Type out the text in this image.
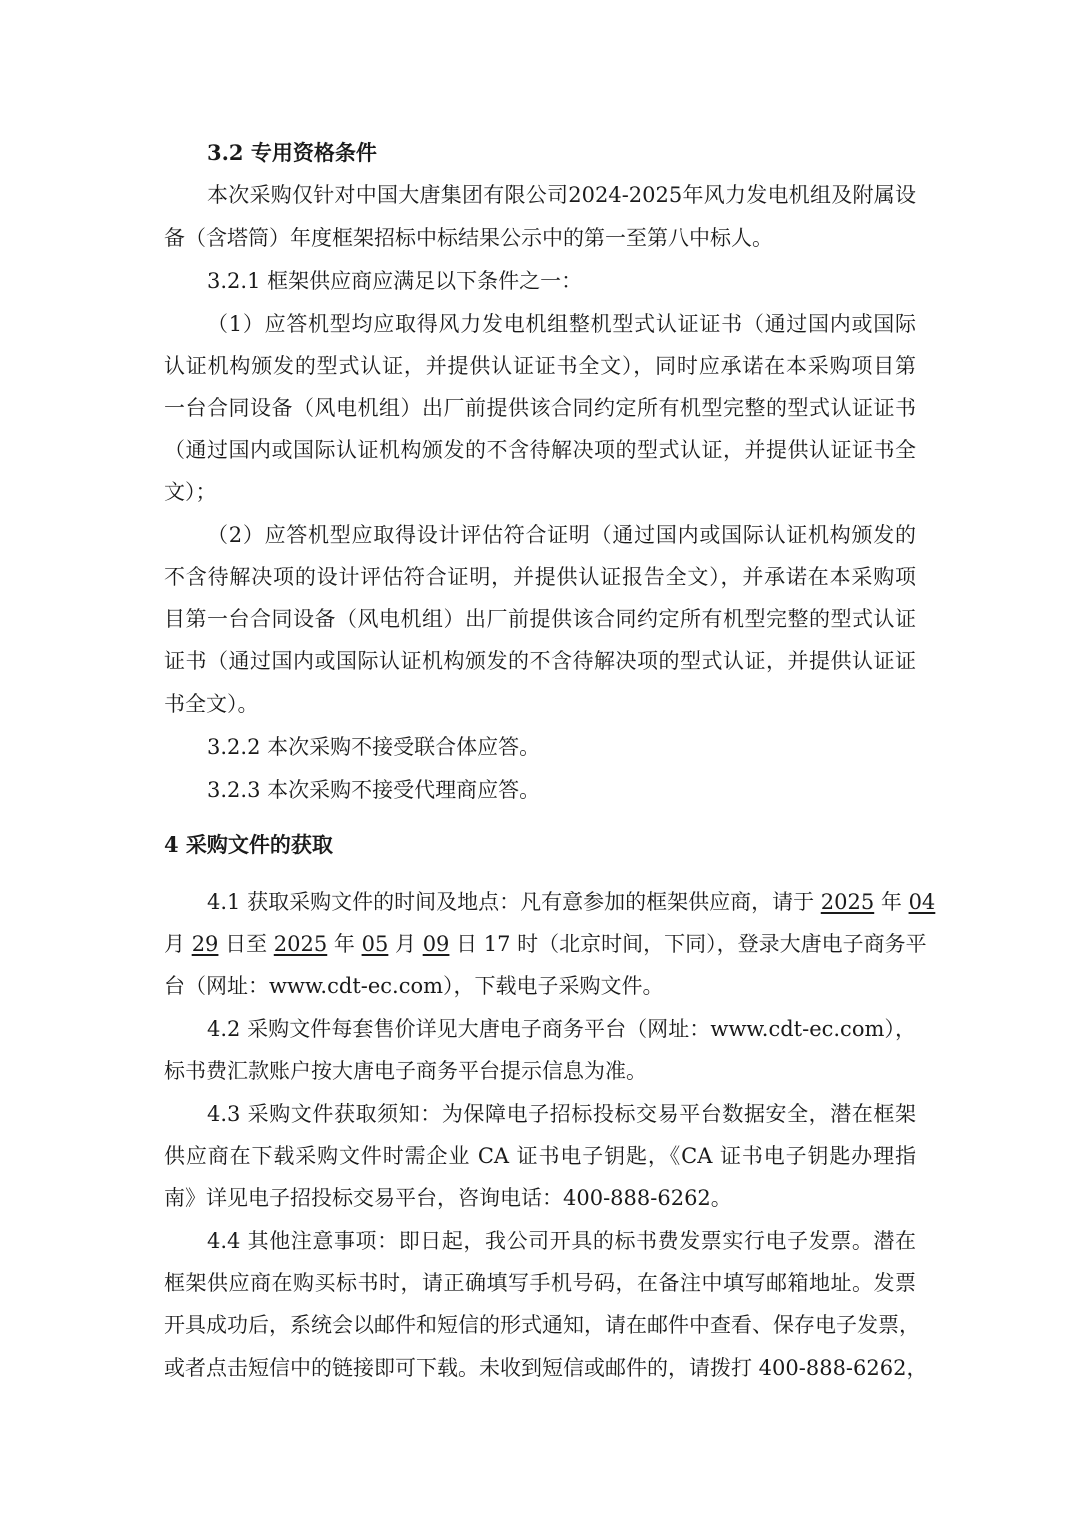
3.2 专用资格条件
本次采购仅针对中国大唐集团有限公司2024-2025年风力发电机组及附属设
备（含塔筒）年度框架招标中标结果公示中的第一至第八中标人。
3.2.1 框架供应商应满足以下条件之一：
（1）应答机型均应取得风力发电机组整机型式认证证书（通过国内或国际
认证机构颁发的型式认证，并提供认证证书全文），同时应承诺在本采购项目第
一台合同设备（风电机组）出厂前提供该合同约定所有机型完整的型式认证证书
（通过国内或国际认证机构颁发的不含待解决项的型式认证，并提供认证证书全
文）；
（2）应答机型应取得设计评估符合证明（通过国内或国际认证机构颁发的
不含待解决项的设计评估符合证明，并提供认证报告全文），并承诺在本采购项
目第一台合同设备（风电机组）出厂前提供该合同约定所有机型完整的型式认证
证书（通过国内或国际认证机构颁发的不含待解决项的型式认证，并提供认证证
书全文）。
3.2.2 本次采购不接受联合体应答。
3.2.3 本次采购不接受代理商应答。
4 采购文件的获取
4.1 获取采购文件的时间及地点：凡有意参加的框架供应商，请于 2025 年 04
月 29 日至 2025 年 05 月 09 日 17 时（北京时间，下同），登录大唐电子商务平
台（网址：www.cdt-ec.com），下载电子采购文件。
4.2 采购文件每套售价详见大唐电子商务平台（网址：www.cdt-ec.com），
标书费汇款账户按大唐电子商务平台提示信息为准。
4.3 采购文件获取须知：为保障电子招标投标交易平台数据安全，潜在框架
供应商在下载采购文件时需企业 CA 证书电子钥匙，《CA 证书电子钥匙办理指
南》详见电子招投标交易平台，咨询电话：400-888-6262。
4.4 其他注意事项：即日起，我公司开具的标书费发票实行电子发票。潜在
框架供应商在购买标书时，请正确填写手机号码，在备注中填写邮箱地址。发票
开具成功后，系统会以邮件和短信的形式通知，请在邮件中查看、保存电子发票，
或者点击短信中的链接即可下载。未收到短信或邮件的，请拨打 400-888-6262，
